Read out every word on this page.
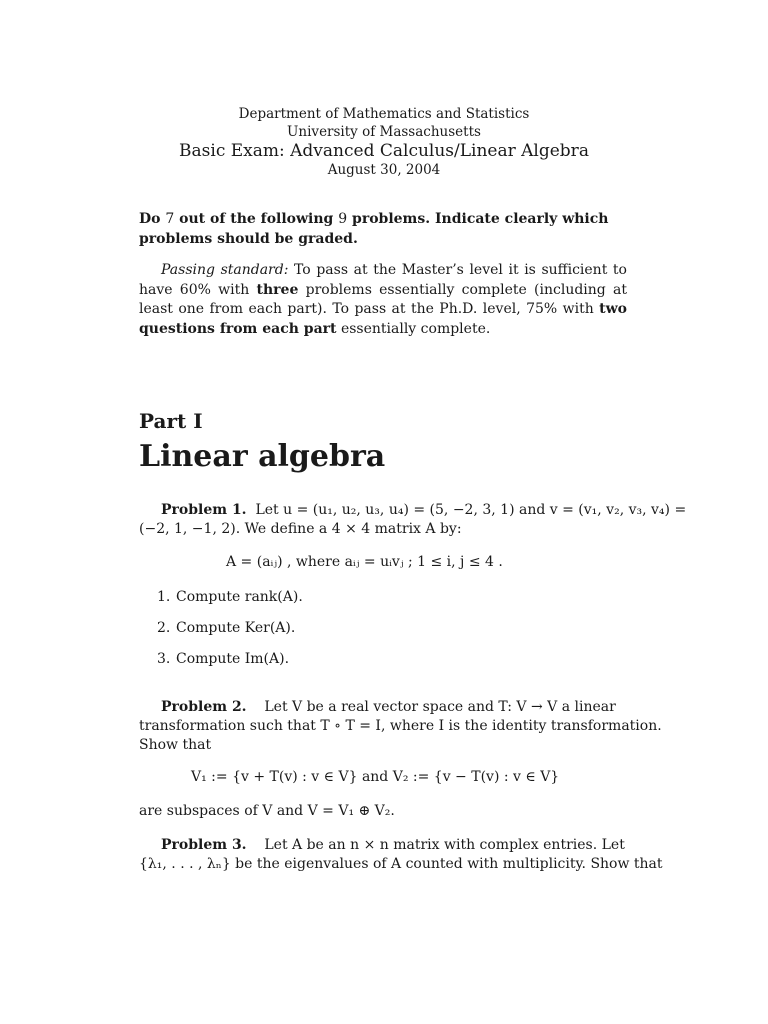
Department of Mathematics and Statistics
University of Massachusetts
Basic Exam: Advanced Calculus/Linear Algebra
August 30, 2004
Do 7 out of the following 9 problems. Indicate clearly which
problems should be graded.
Passing standard: To pass at the Master’s level it is sufficient to have 60% with three problems essentially complete (including at least one from each part). To pass at the Ph.D. level, 75% with two questions from each part essentially complete.
Part I
Linear algebra
Problem 1. Let u = (u₁, u₂, u₃, u₄) = (5, −2, 3, 1) and v = (v₁, v₂, v₃, v₄) =
(−2, 1, −1, 2). We define a 4 × 4 matrix A by:
A = (aᵢⱼ) , where aᵢⱼ = uᵢvⱼ ; 1 ≤ i, j ≤ 4 .
1. Compute rank(A).
2. Compute Ker(A).
3. Compute Im(A).
Problem 2. Let V be a real vector space and T: V → V a linear
transformation such that T ∘ T = I, where I is the identity transformation.
Show that
V₁ := {v + T(v) : v ∈ V} and V₂ := {v − T(v) : v ∈ V}
are subspaces of V and V = V₁ ⊕ V₂.
Problem 3. Let A be an n × n matrix with complex entries. Let
{λ₁, . . . , λₙ} be the eigenvalues of A counted with multiplicity. Show that
